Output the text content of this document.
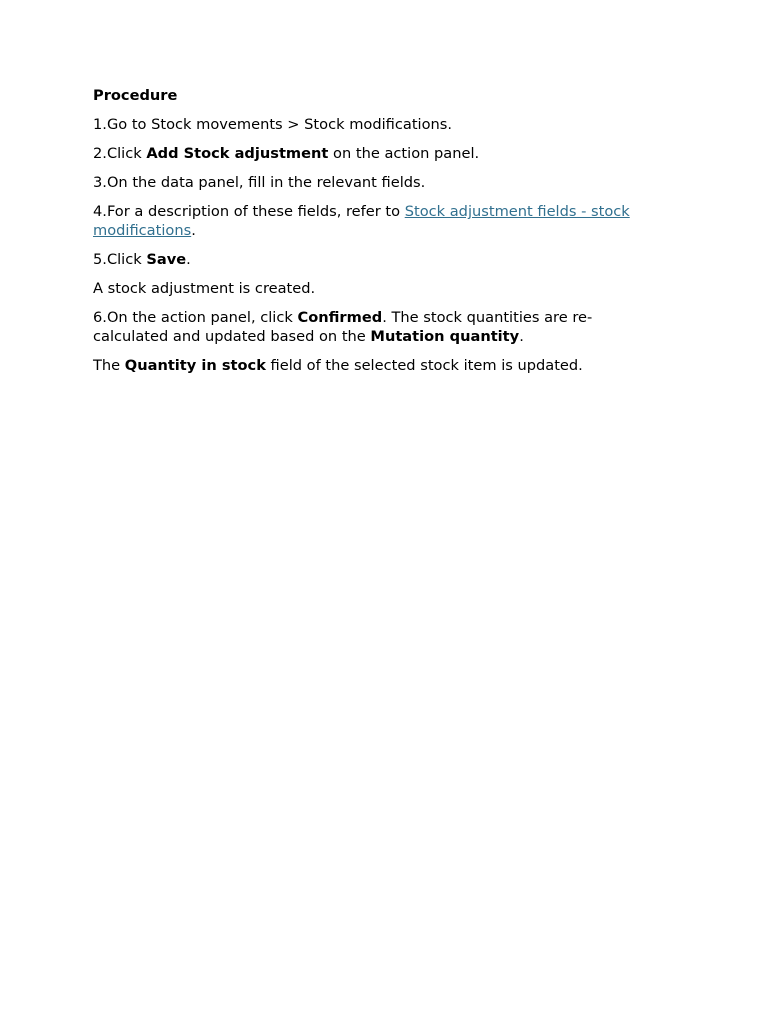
Procedure
1.Go to Stock movements > Stock modifications.
2.Click Add Stock adjustment on the action panel.
3.On the data panel, fill in the relevant fields.
4.For a description of these fields, refer to Stock adjustment fields - stock modifications.
5.Click Save.
A stock adjustment is created.
6.On the action panel, click Confirmed. The stock quantities are re-calculated and updated based on the Mutation quantity.
The Quantity in stock field of the selected stock item is updated.
